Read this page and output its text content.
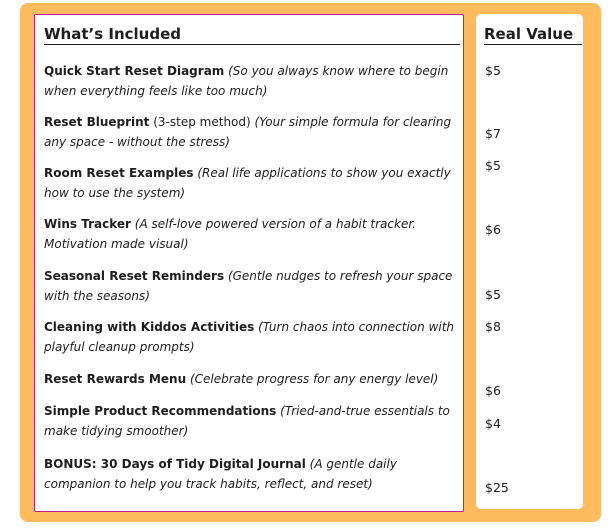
What’s Included	Real Value
Quick Start Reset Diagram (So you always know where to begin when everything feels like too much)
Reset Blueprint (3-step method) (Your simple formula for clearing any space - without the stress)
Room Reset Examples (Real life applications to show you exactly how to use the system)
Wins Tracker (A self-love powered version of a habit tracker. Motivation made visual)
Seasonal Reset Reminders (Gentle nudges to refresh your space with the seasons)
Cleaning with Kiddos Activities (Turn chaos into connection with playful cleanup prompts)
Reset Rewards Menu (Celebrate progress for any energy level)
Simple Product Recommendations (Tried-and-true essentials to make tidying smoother)
BONUS: 30 Days of Tidy Digital Journal (A gentle daily companion to help you track habits, reflect, and reset)
$5
$7
$5
$6
$5
$8
$6
$4
$25
